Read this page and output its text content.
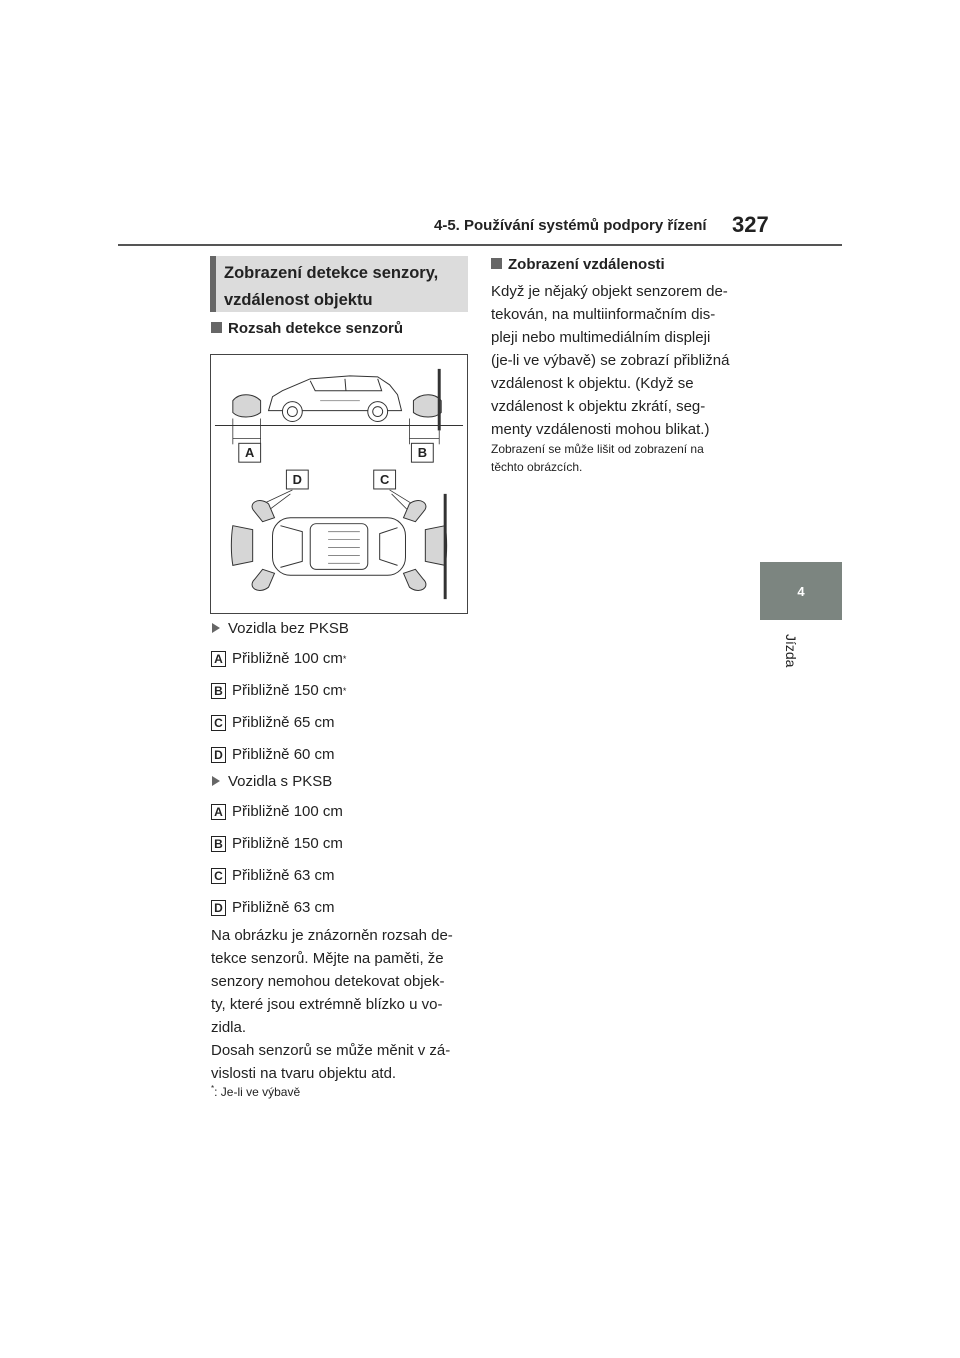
4-5. Používání systémů podpory řízení 327
4
Jízda
Zobrazení detekce senzory,
vzdálenost objektu
Rozsah detekce senzorů
A	B
D	C
Vozidla bez PKSB
A Přibližně 100 cm *
B Přibližně 150 cm *
C Přibližně 65 cm
D Přibližně 60 cm
Vozidla s PKSB
A Přibližně 100 cm
B Přibližně 150 cm
C Přibližně 63 cm
D Přibližně 63 cm
Na obrázku je znázorněn rozsah de-
tekce senzorů. Mějte na paměti, že
senzory nemohou detekovat objek-
ty, které jsou extrémně blízko u vo-
zidla.
Dosah senzorů se může měnit v zá-
vislosti na tvaru objektu atd.
*: Je-li ve výbavě
Zobrazení vzdálenosti
Když je nějaký objekt senzorem de-
tekován, na multiinformačním dis-
pleji nebo multimediálním displeji
(je-li ve výbavě) se zobrazí přibližná
vzdálenost k objektu. (Když se
vzdálenost k objektu zkrátí, seg-
menty vzdálenosti mohou blikat.)
Zobrazení se může lišit od zobrazení na
těchto obrázcích.
